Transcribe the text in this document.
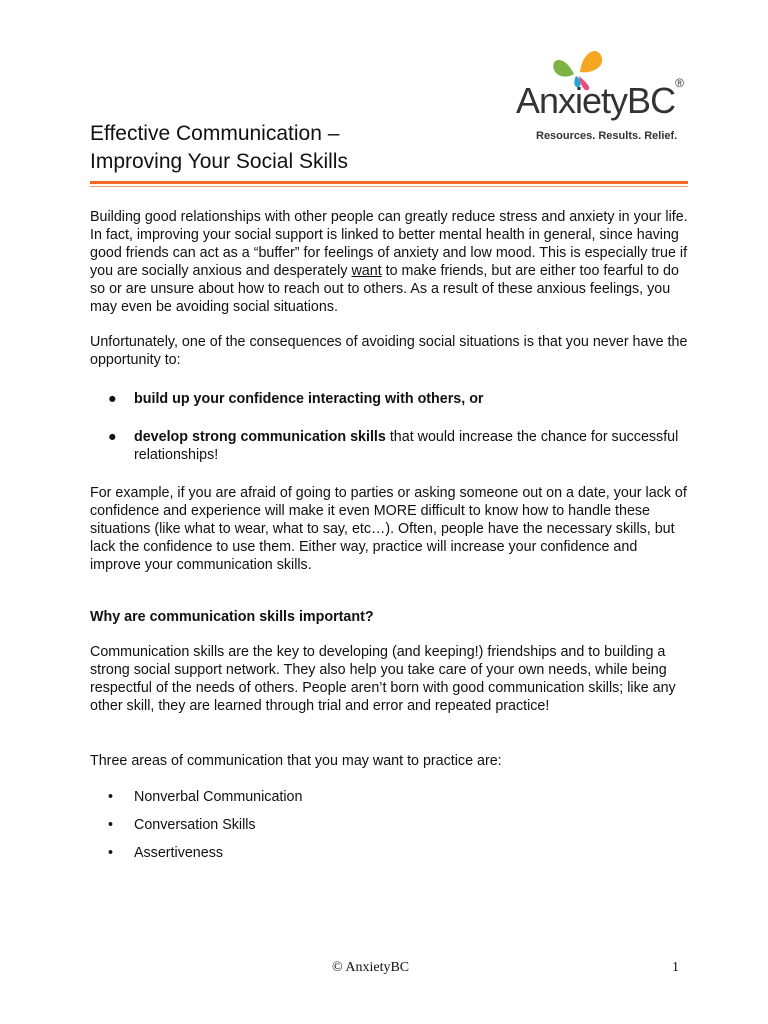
AnxietyBC®
Resources. Results. Relief.
Effective Communication –
Improving Your Social Skills

Building good relationships with other people can greatly reduce stress and anxiety in your life. In fact, improving your social support is linked to better mental health in general, since having good friends can act as a “buffer” for feelings of anxiety and low mood. This is especially true if you are socially anxious and desperately want to make friends, but are either too fearful to do so or are unsure about how to reach out to others. As a result of these anxious feelings, you may even be avoiding social situations.

Unfortunately, one of the consequences of avoiding social situations is that you never have the opportunity to:

● build up your confidence interacting with others, or
● develop strong communication skills that would increase the chance for successful relationships!

For example, if you are afraid of going to parties or asking someone out on a date, your lack of confidence and experience will make it even MORE difficult to know how to handle these situations (like what to wear, what to say, etc…). Often, people have the necessary skills, but lack the confidence to use them. Either way, practice will increase your confidence and improve your communication skills.

Why are communication skills important?

Communication skills are the key to developing (and keeping!) friendships and to building a strong social support network. They also help you take care of your own needs, while being respectful of the needs of others. People aren’t born with good communication skills; like any other skill, they are learned through trial and error and repeated practice!

Three areas of communication that you may want to practice are:

• Nonverbal Communication
• Conversation Skills
• Assertiveness
© AnxietyBC	1
